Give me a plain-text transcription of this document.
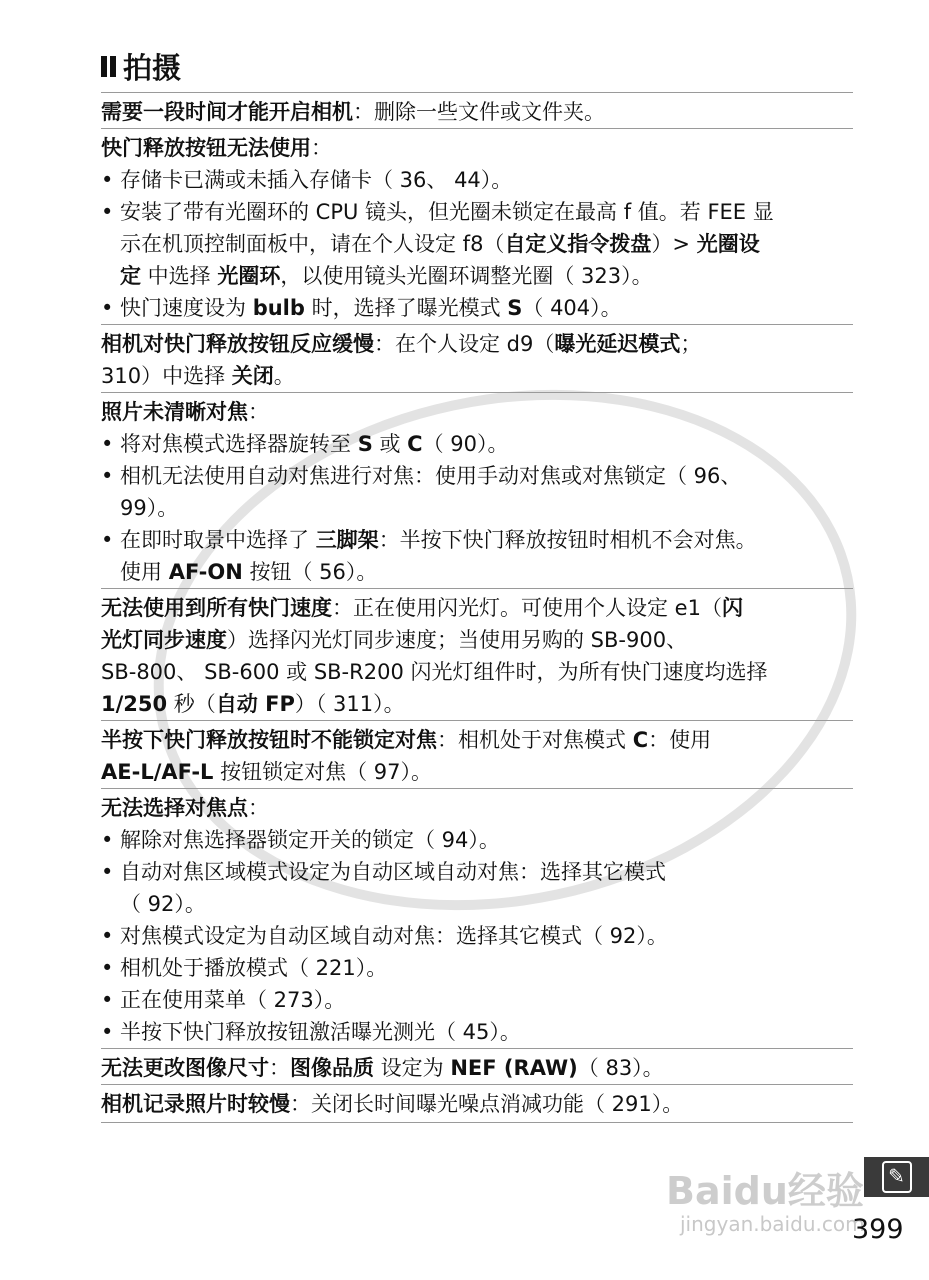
拍摄
需要一段时间才能开启相机：删除一些文件或文件夹。
快门释放按钮无法使用：
• 存储卡已满或未插入存储卡（ 36、 44）。
• 安装了带有光圈环的 CPU 镜头，但光圈未锁定在最高 f 值。若 FEE 显
示在机顶控制面板中，请在个人设定 f8（自定义指令拨盘）> 光圈设
定 中选择 光圈环，以使用镜头光圈环调整光圈（ 323）。
• 快门速度设为 bulb 时，选择了曝光模式 S（ 404）。
相机对快门释放按钮反应缓慢：在个人设定 d9（曝光延迟模式；
310）中选择 关闭。
照片未清晰对焦：
• 将对焦模式选择器旋转至 S 或 C（ 90）。
• 相机无法使用自动对焦进行对焦：使用手动对焦或对焦锁定（ 96、
99）。
• 在即时取景中选择了 三脚架：半按下快门释放按钮时相机不会对焦。
使用 AF-ON 按钮（ 56）。
无法使用到所有快门速度：正在使用闪光灯。可使用个人设定 e1（闪
光灯同步速度）选择闪光灯同步速度；当使用另购的 SB-900、
SB-800、 SB-600 或 SB-R200 闪光灯组件时，为所有快门速度均选择
1/250 秒（自动 FP）（ 311）。
半按下快门释放按钮时不能锁定对焦：相机处于对焦模式 C：使用
AE-L/AF-L 按钮锁定对焦（ 97）。
无法选择对焦点：
• 解除对焦选择器锁定开关的锁定（ 94）。
• 自动对焦区域模式设定为自动区域自动对焦：选择其它模式
（ 92）。
• 对焦模式设定为自动区域自动对焦：选择其它模式（ 92）。
• 相机处于播放模式（ 221）。
• 正在使用菜单（ 273）。
• 半按下快门释放按钮激活曝光测光（ 45）。
无法更改图像尺寸：图像品质 设定为 NEF (RAW)（ 83）。
相机记录照片时较慢：关闭长时间曝光噪点消减功能（ 291）。
✎
Baidu经验
jingyan.baidu.com
399
